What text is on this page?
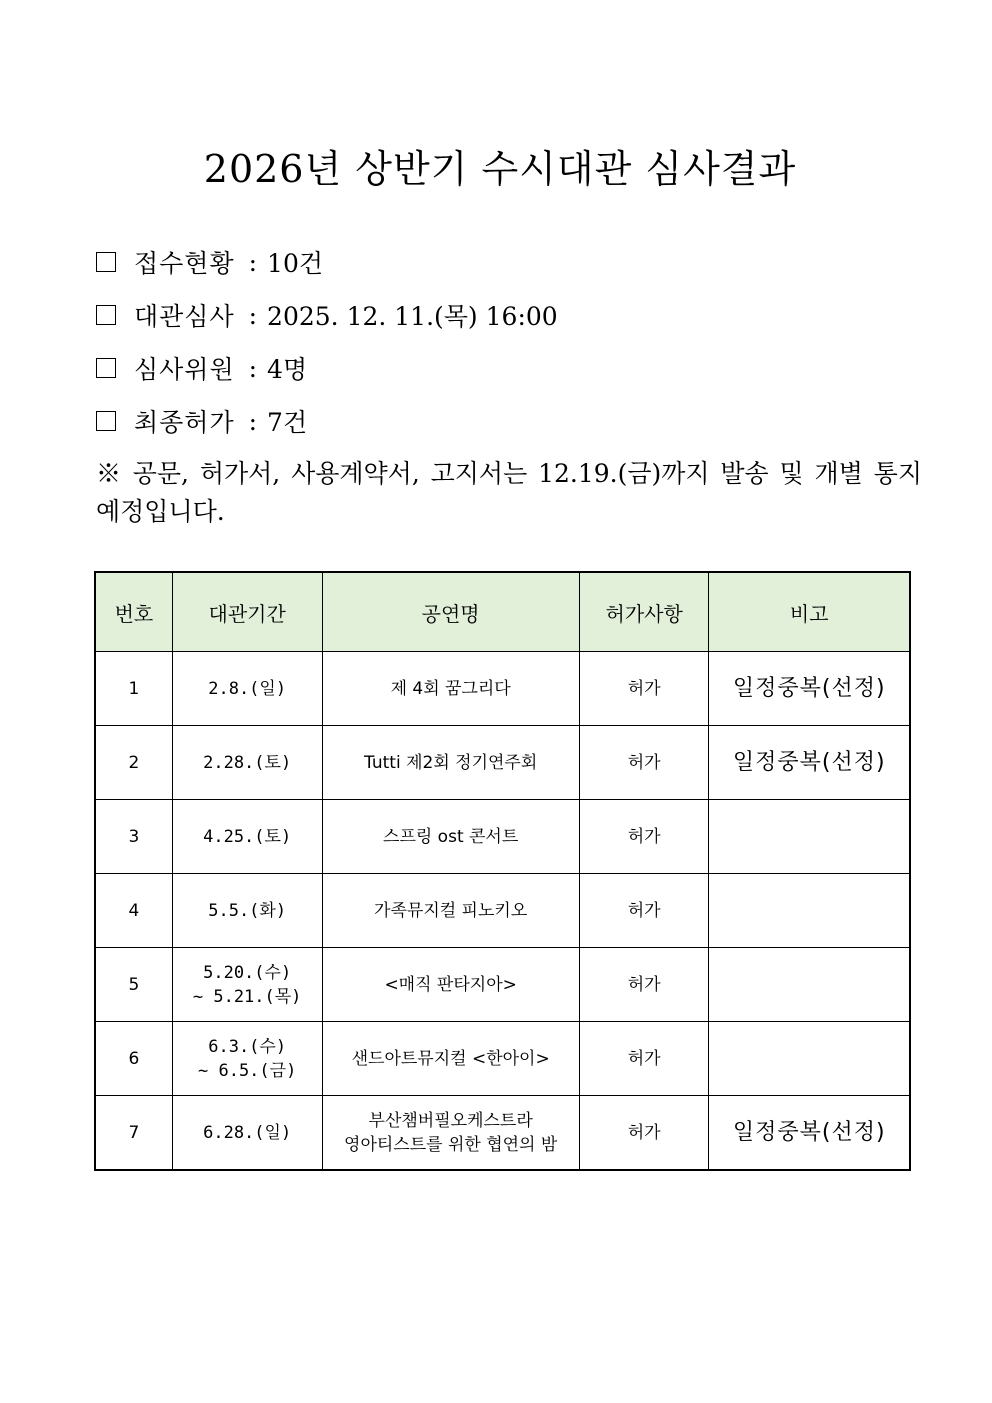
2026년 상반기 수시대관 심사결과
접수현황 : 10건
대관심사 : 2025. 12. 11.(목) 16:00
심사위원 : 4명
최종허가 : 7건
※ 공문, 허가서, 사용계약서, 고지서는 12.19.(금)까지 발송 및 개별 통지 예정입니다.
번호	대관기간	공연명	허가사항	비고
1	2.8.(일)	제 4회 꿈그리다	허가	일정중복(선정)
2	2.28.(토)	Tutti 제2회 정기연주회	허가	일정중복(선정)
3	4.25.(토)	스프링 ost 콘서트	허가	
4	5.5.(화)	가족뮤지컬 피노키오	허가	
5	5.20.(수)
~ 5.21.(목)	<매직 판타지아>	허가	
6	6.3.(수)
~ 6.5.(금)	샌드아트뮤지컬 <한아이>	허가	
7	6.28.(일)	부산챔버필오케스트라
영아티스트를 위한 협연의 밤	허가	일정중복(선정)
